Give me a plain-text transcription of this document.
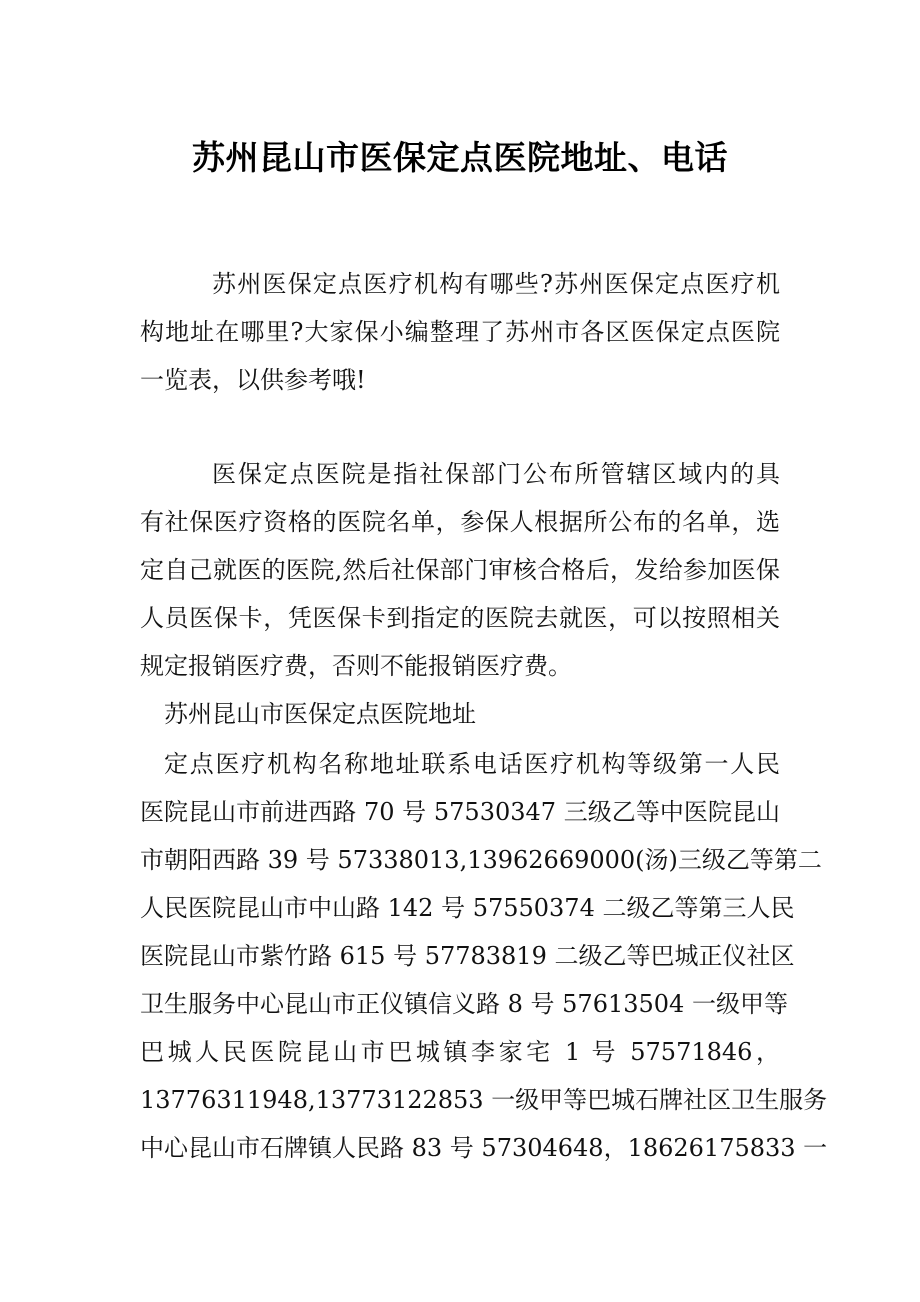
苏州昆山市医保定点医院地址、电话
苏州医保定点医疗机构有哪些?苏州医保定点医疗机
构地址在哪里?大家保小编整理了苏州市各区医保定点医院
一览表，以供参考哦!
医保定点医院是指社保部门公布所管辖区域内的具
有社保医疗资格的医院名单，参保人根据所公布的名单，选
定自己就医的医院,然后社保部门审核合格后，发给参加医保
人员医保卡，凭医保卡到指定的医院去就医，可以按照相关
规定报销医疗费，否则不能报销医疗费。
苏州昆山市医保定点医院地址
定点医疗机构名称地址联系电话医疗机构等级第一人民
医院昆山市前进西路 70 号 57530347 三级乙等中医院昆山
市朝阳西路 39 号 57338013,13962669000(汤)三级乙等第二
人民医院昆山市中山路 142 号 57550374 二级乙等第三人民
医院昆山市紫竹路 615 号 57783819 二级乙等巴城正仪社区
卫生服务中心昆山市正仪镇信义路 8 号 57613504 一级甲等
巴城人民医院昆山市巴城镇李家宅 1 号 57571846，
13776311948,13773122853 一级甲等巴城石牌社区卫生服务
中心昆山市石牌镇人民路 83 号 57304648，18626175833 一
